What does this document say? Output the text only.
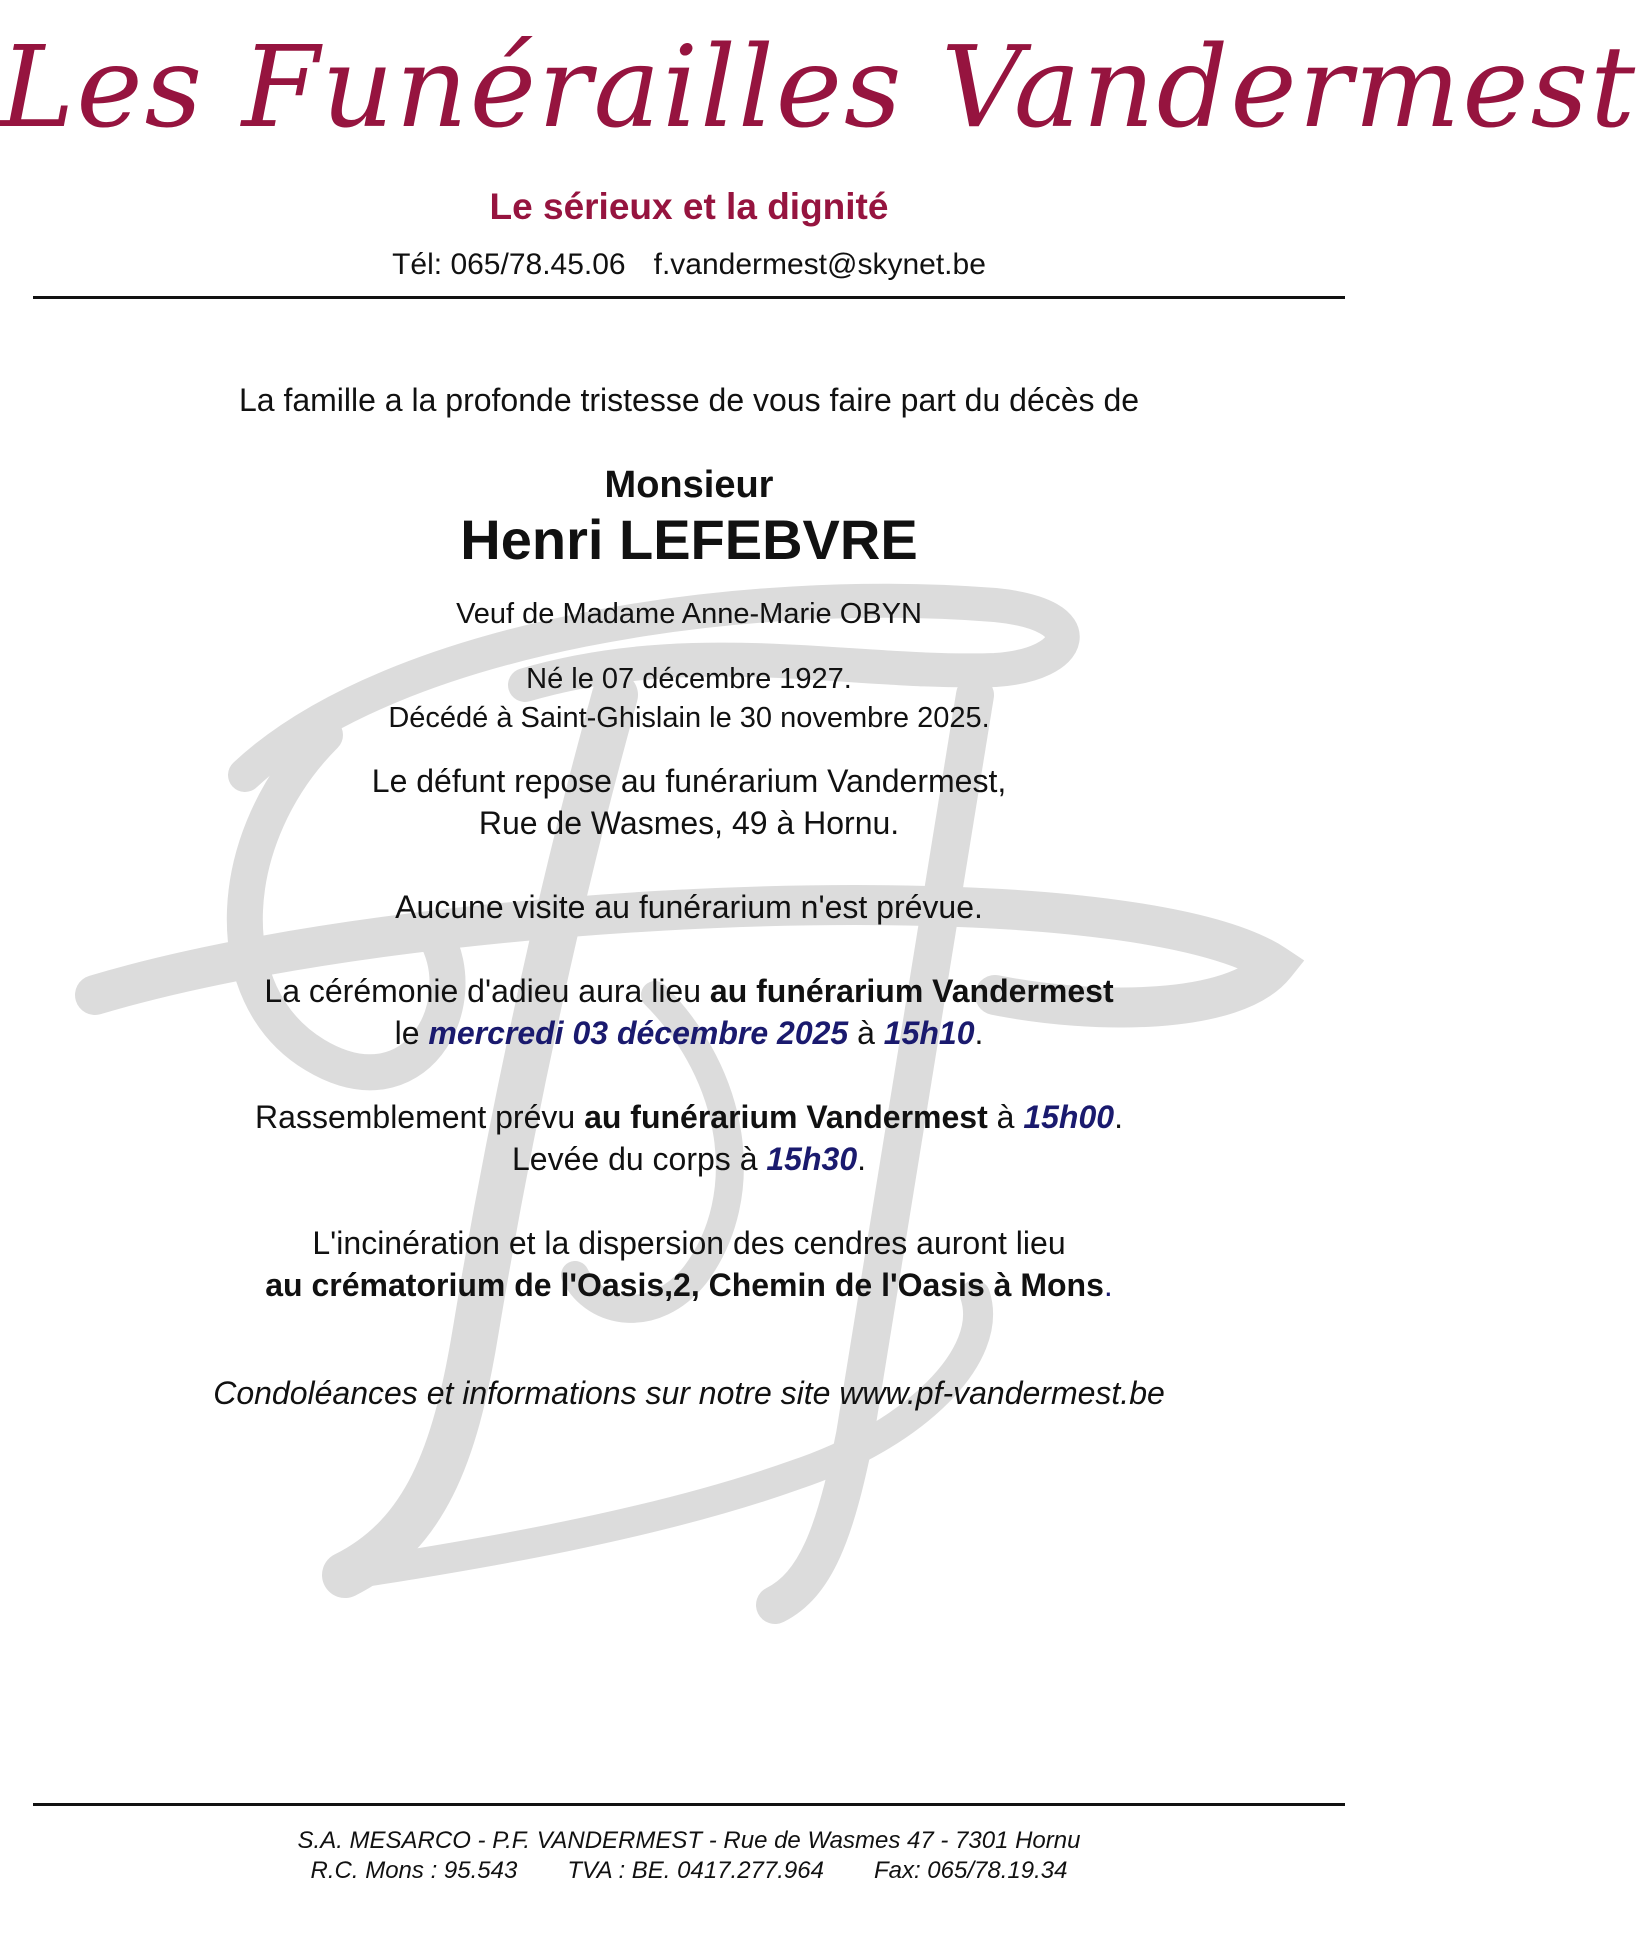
Les Funérailles Vandermest
Le sérieux et la dignité
Tél: 065/78.45.06 f.vandermest@skynet.be
La famille a la profonde tristesse de vous faire part du décès de
Monsieur
Henri LEFEBVRE
Veuf de Madame Anne-Marie OBYN
Né le 07 décembre 1927.
Décédé à Saint-Ghislain le 30 novembre 2025.
Le défunt repose au funérarium Vandermest,
Rue de Wasmes, 49 à Hornu.
Aucune visite au funérarium n'est prévue.
La cérémonie d'adieu aura lieu au funérarium Vandermest
le mercredi 03 décembre 2025 à 15h10.
Rassemblement prévu au funérarium Vandermest à 15h00.
Levée du corps à 15h30.
L'incinération et la dispersion des cendres auront lieu
au crématorium de l'Oasis,2, Chemin de l'Oasis à Mons.
Condoléances et informations sur notre site www.pf-vandermest.be
S.A. MESARCO - P.F. VANDERMEST - Rue de Wasmes 47 - 7301 Hornu
R.C. Mons : 95.543 TVA : BE. 0417.277.964 Fax: 065/78.19.34
